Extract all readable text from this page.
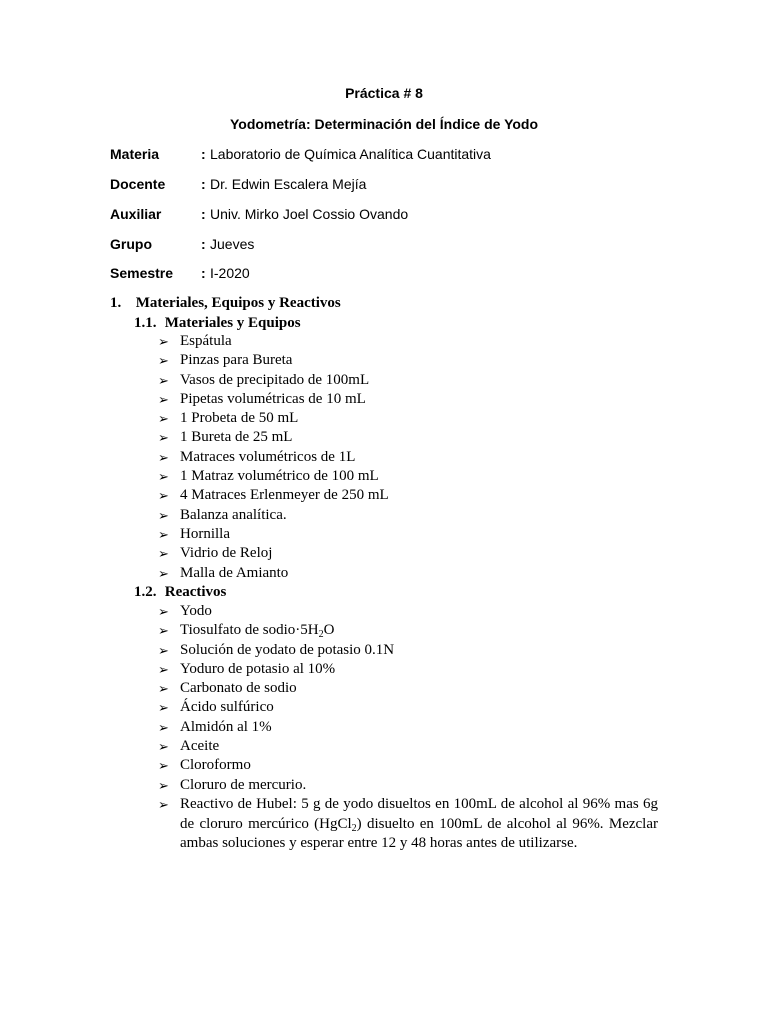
Práctica # 8
Yodometría: Determinación del Índice de Yodo
Materia	: Laboratorio de Química Analítica Cuantitativa
Docente	: Dr. Edwin Escalera Mejía
Auxiliar	: Univ. Mirko Joel Cossio Ovando
Grupo	: Jueves
Semestre : I-2020
1. Materiales, Equipos y Reactivos
1.1. Materiales y Equipos
➢ Espátula
➢ Pinzas para Bureta
➢ Vasos de precipitado de 100mL
➢ Pipetas volumétricas de 10 mL
➢ 1 Probeta de 50 mL
➢ 1 Bureta de 25 mL
➢ Matraces volumétricos de 1L
➢ 1 Matraz volumétrico de 100 mL
➢ 4 Matraces Erlenmeyer de 250 mL
➢ Balanza analítica.
➢ Hornilla
➢ Vidrio de Reloj
➢ Malla de Amianto
1.2. Reactivos
➢ Yodo
➢ Tiosulfato de $sodio\cdot 5H_2O$
➢ Solución de yodato de potasio 0.1N
➢ Yoduro de potasio al 10%
➢ Carbonato de sodio
➢ Ácido sulfúrico
➢ Almidón al 1%
➢ Aceite
➢ Cloroformo
➢ Cloruro de mercurio.
➢ Reactivo de Hubel: 5 g de yodo disueltos en 100mL de alcohol al 96% mas 6g de cloruro mercúrico (HgCl$_2$) disuelto en 100mL de alcohol al 96%. Mezclar ambas soluciones y esperar entre 12 y 48 horas antes de utilizarse.
